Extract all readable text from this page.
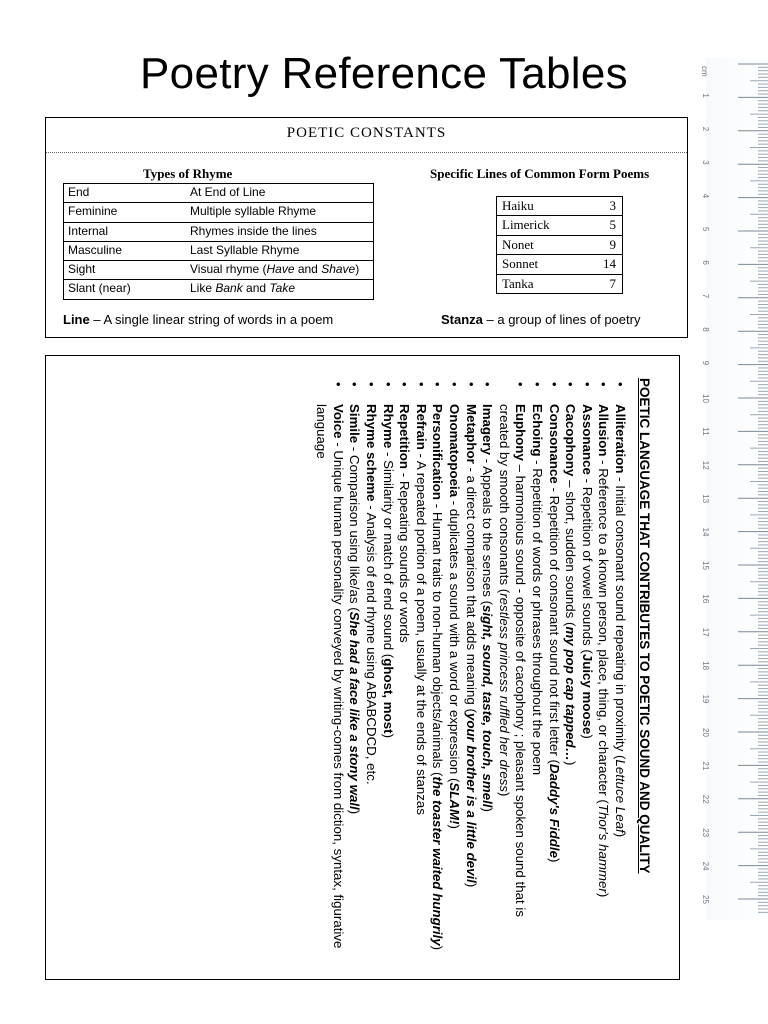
Poetry Reference Tables
POETIC CONSTANTS
Types of Rhyme
End	At End of Line
Feminine	Multiple syllable Rhyme
Internal	Rhymes inside the lines
Masculine	Last Syllable Rhyme
Sight	Visual rhyme (Have and Shave)
Slant (near)	Like Bank and Take
Specific Lines of Common Form Poems
Haiku	3
Limerick	5
Nonet	9
Sonnet	14
Tanka	7
Line – A single linear string of words in a poem	Stanza – a group of lines of poetry
POETIC LANGUAGE THAT CONTRIBUTES TO POETIC SOUND AND QUALITY
• Alliteration - Initial consonant sound repeating in proximity (Lettuce Leaf)
• Allusion - Reference to a known person, place, thing, or character (Thor's hammer)
• Assonance - Repetition of vowel sounds (Juicy moose)
• Cacophony – short, sudden sounds (my pop cap tapped…)
• Consonance - Repetition of consonant sound not first letter (Daddy's Fiddle)
• Echoing - Repetition of words or phrases throughout the poem
• Euphony – harmonious sound - opposite of cacophony ; pleasant spoken sound that is created by smooth consonants (restless princess ruffled her dress)
• Imagery - Appeals to the senses (sight, sound, taste, touch, smell)
• Metaphor - a direct comparison that adds meaning (your brother is a little devil)
• Onomatopoeia - duplicates a sound with a word or expression (SLAM!)
• Personification - Human traits to non-human objects/animals (the toaster waited hungrily)
• Refrain - A repeated portion of a poem, usually at the ends of stanzas
• Repetition - Repeating sounds or words
• Rhyme - Similarity or match of end sound (ghost, most)
• Rhyme scheme - Analysis of end rhyme using ABABCDCD, etc.
• Simile - Comparison using like/as (She had a face like a stony wall)
• Voice - Unique human personality conveyed by writing-comes from diction, syntax, figurative language
cm
1
2
3
4
5
6
7
8
9
10
11
12
13
14
15
16
17
18
19
20
21
22
23
24
25
